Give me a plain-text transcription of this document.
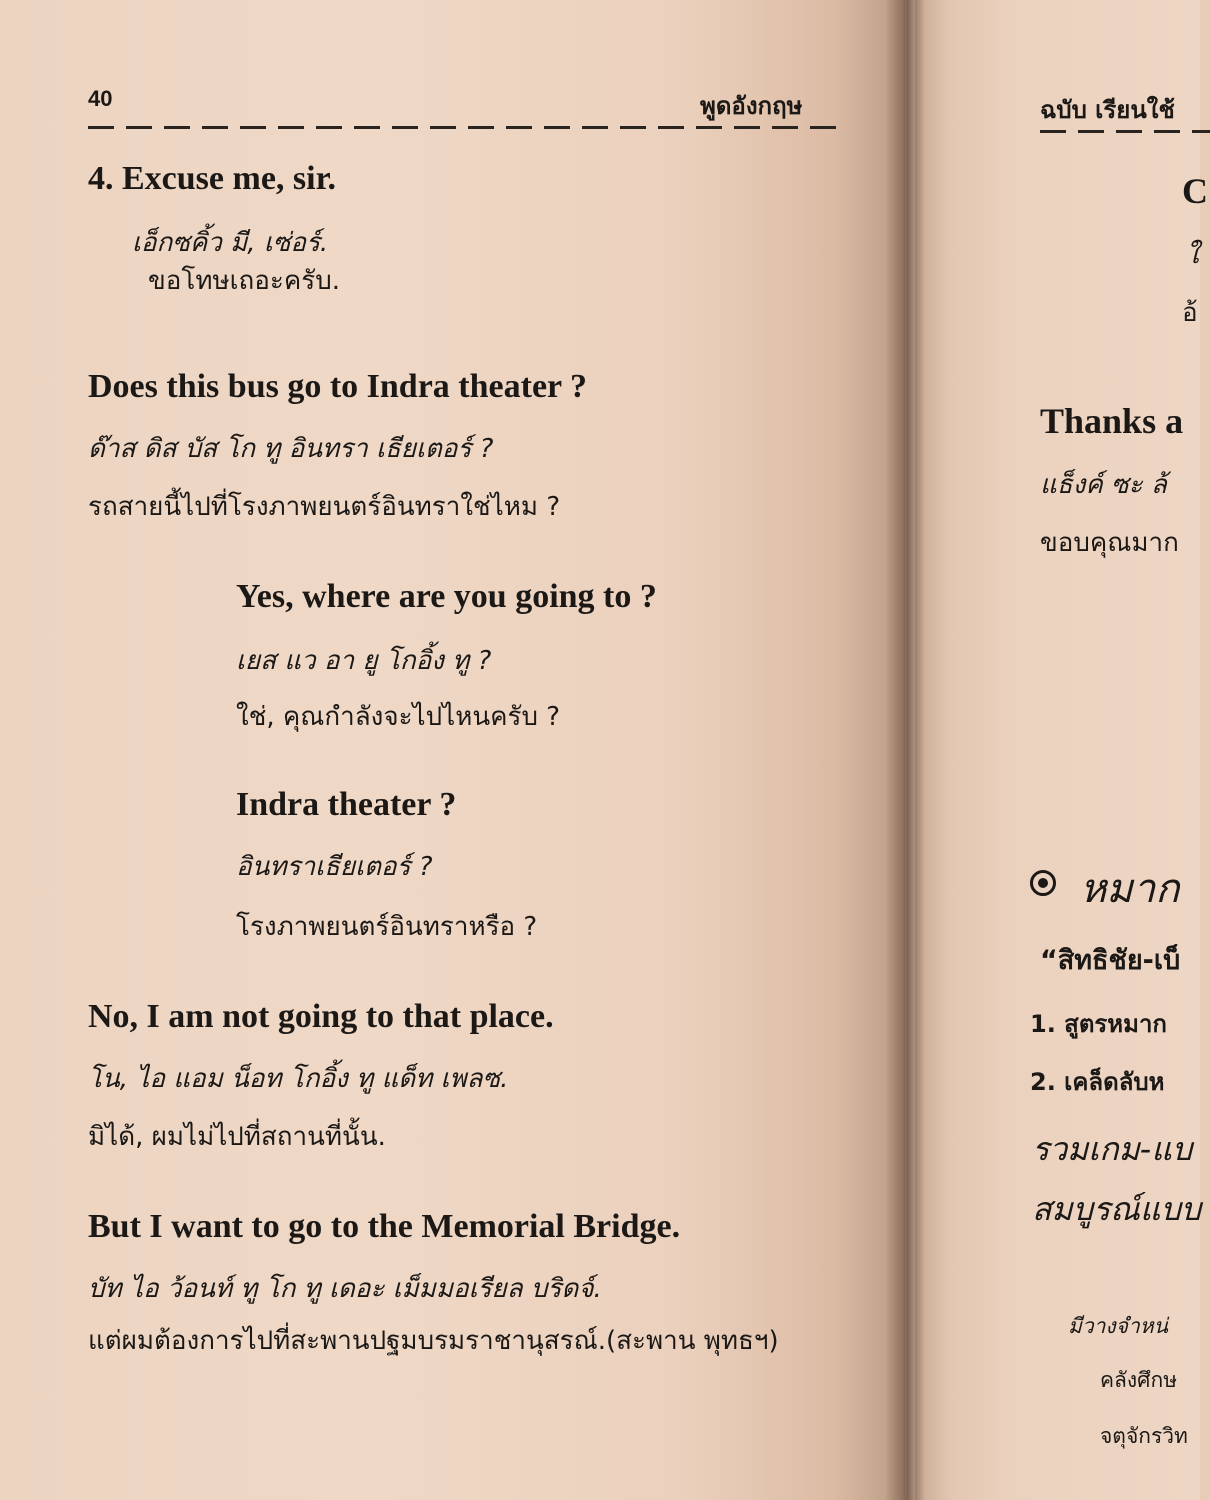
40	พูดอังกฤษ
4. Excuse me, sir.
เอ็กซคิ้ว มี, เซ่อร์.
ขอโทษเถอะครับ.
Does this bus go to Indra theater ?
ด๊าส ดิส บัส โก ทู อินทรา เธียเตอร์ ?
รถสายนี้ไปที่โรงภาพยนตร์อินทราใช่ไหม ?
Yes, where are you going to ?
เยส แว อา ยู โกอิ้ง ทู ?
ใช่, คุณกำลังจะไปไหนครับ ?
Indra theater ?
อินทราเธียเตอร์ ?
โรงภาพยนตร์อินทราหรือ ?
No, I am not going to that place.
โน, ไอ แอม น็อท โกอิ้ง ทู แด็ท เพลซ.
มิได้, ผมไม่ไปที่สถานที่นั้น.
But I want to go to the Memorial Bridge.
บัท ไอ ว้อนท์ ทู โก ทู เดอะ เม็มมอเรียล บริดจ์.
แต่ผมต้องการไปที่สะพานปฐมบรมราชานุสรณ์.(สะพาน พุทธฯ)
ฉบับ เรียนใช้
C
ใ
อ้
Thanks a
แธ็งค์ ซะ ล้
ขอบคุณมาก
หมาก
“สิทธิชัย-เบ็
1. สูตรหมาก
2. เคล็ดลับห
รวมเกม-แบ
สมบูรณ์แบบ
มีวางจำหน่
คลังศึกษ
จตุจักรวิท
